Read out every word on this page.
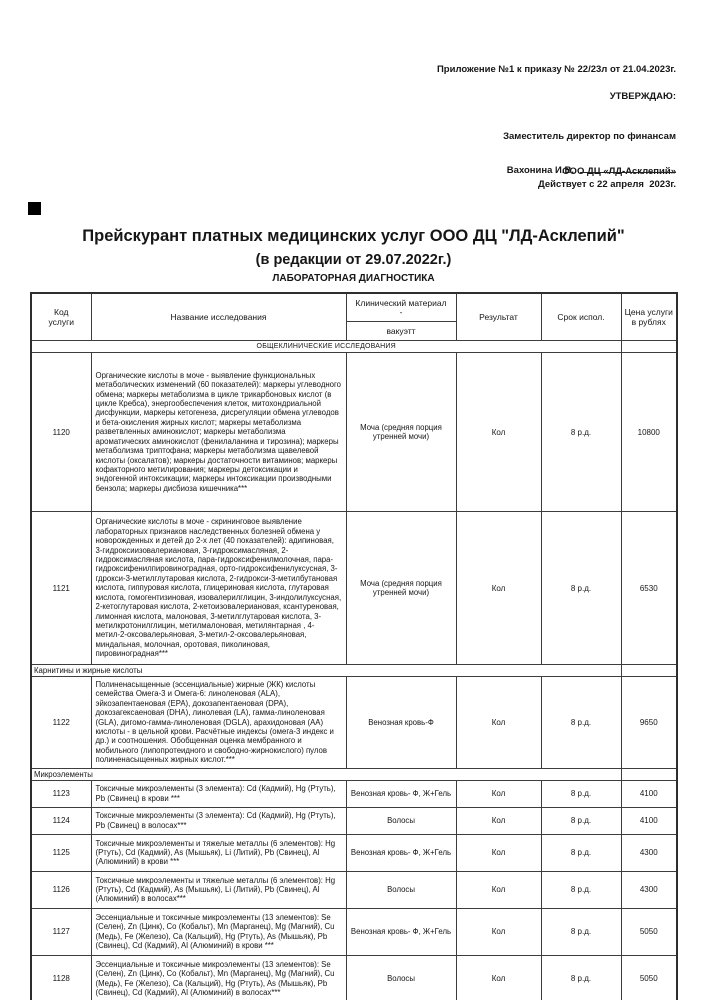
Приложение №1 к приказу № 22/23л от 21.04.2023г.
УТВЕРЖДАЮ:

Заместитель директор по финансам

ООО ДЦ «ЛД-Асклепий»

Вахонина И.В.

Действует с 22 апреля  2023г.
Прейскурант платных медицинских услуг ООО ДЦ "ЛД-Асклепий"
(в редакции от 29.07.2022г.)
ЛАБОРАТОРНАЯ ДИАГНОСТИКА
Код
услуги	Название исследования	
Клинический материал
-
вакуэтт
	Результат	Срок испол.	Цена услуги
в рублях

ОБЩЕКЛИНИЧЕСКИЕ ИССЛЕДОВАНИЯ					
1120	Органические кислоты в моче - выявление функциональных метаболических изменений (60 показателей): маркеры углеводного обмена; маркеры метаболизма в цикле трикарбоновых кислот (в цикле Кребса), энергообеспечения клеток, митохондриальной дисфункции, маркеры кетогенеза, дисрегуляции обмена углеводов и бета-окисления жирных кислот; маркеры метаболизма разветвленных аминокислот; маркеры метаболизма ароматических аминокислот (фенилаланина и тирозина); маркеры метаболизма триптофана; маркеры метаболизма щавелевой кислоты (оксалатов); маркеры достаточности витаминов; маркеры кофакторного метилирования; маркеры детоксикации и эндогенной интоксикации; маркеры интоксикации производными бензола; маркеры дисбиоза кишечника***	Моча (средняя порция утренней мочи)	Кол	8 р.д.	10800
1121	Органические кислоты в моче - скрининговое выявление лабораторных признаков наследственных болезней обмена у новорожденных и детей до 2-х лет (40 показателей): адипиновая, 3-гидроксиизовалериановая, 3-гидроксимасляная, 2-гидроксимасляная кислота, пара-гидроксифенилмолочная, пара-гидроксифенилпировиноградная, орто-гидроксифенилуксусная, 3-гдрокси-3-метилглутаровая кислота, 2-гидрокси-3-метилбутановая кислота, гиппуровая кислота, глицериновая кислота, глутаровая кислота, гомогентизиновая, изовалерилглицин, 3-индолилуксусная, 2-кетоглутаровая кислота, 2-кетоизовалериановая, ксантуреновая, лимонная кислота, малоновая, 3-метилглутаровая кислота, 3-метилкротонилглицин, метилмалоновая, метилянтарная , 4-метил-2-оксовалерьяновая, 3-метил-2-оксовалерьяновая, миндальная, молочная, оротовая, пиколиновая, пировиноградная***	Моча (средняя порция утренней мочи)	Кол	8 р.д.	6530
Карнитины и жирные кислоты					
1122	Полиненасыщенные (эссенциальные) жирные (ЖК) кислоты семейства Омега-3 и Омега-6: линоленовая (ALA), эйкозапентаеновая (EPA), докозапентаеновая (DPA), докозагексаеновая (DHA), линолевая (LA), гамма-линоленовая (GLA), дигомо-гамма-линоленовая (DGLA), арахидоновая (АА) кислоты - в цельной крови. Расчётные индексы (омега-3 индекс и др.) и соотношения. Обобщенная оценка мембранного и мобильного (липопротеидного и свободно-жирнокислого) пулов полиненасыщенных жирных кислот.***	Венозная кровь-Ф	Кол	8 р.д.	9650
Микроэлементы					
1123	Токсичные микроэлементы (3 элемента): Cd (Кадмий), Hg (Ртуть), Pb (Свинец) в крови ***	Венозная кровь- Ф, Ж+Гель	Кол	8 р.д.	4100
1124	Токсичные микроэлементы (3 элемента): Cd (Кадмий), Hg (Ртуть), Pb (Свинец) в волосах***	Волосы	Кол	8 р.д.	4100
1125	Токсичные микроэлементы и тяжелые металлы (6 элементов): Hg (Ртуть), Cd (Кадмий), As (Мышьяк), Li (Литий), Pb (Свинец), Al (Алюминий) в крови ***	Венозная кровь- Ф, Ж+Гель	Кол	8 р.д.	4300
1126	Токсичные микроэлементы и тяжелые металлы (6 элементов): Hg (Ртуть), Cd (Кадмий), As (Мышьяк), Li (Литий), Pb (Свинец), Al (Алюминий) в волосах***	Волосы	Кол	8 р.д.	4300
1127	Эссенциальные и токсичные микроэлементы (13 элементов): Se (Селен), Zn (Цинк), Co (Кобальт), Mn (Марганец), Mg (Магний), Cu (Медь), Fe (Железо), Ca (Кальций), Hg (Ртуть), As (Мышьяк), Pb (Свинец), Cd (Кадмий), Al (Алюминий) в крови ***	Венозная кровь- Ф, Ж+Гель	Кол	8 р.д.	5050
1128	Эссенциальные и токсичные микроэлементы (13 элементов): Se (Селен), Zn (Цинк), Co (Кобальт), Mn (Марганец), Mg (Магний), Cu (Медь), Fe (Железо), Ca (Кальций), Hg (Ртуть), As (Мышьяк), Pb (Свинец), Cd (Кадмий), Al (Алюминий) в волосах***	Волосы	Кол	8 р.д.	5050
